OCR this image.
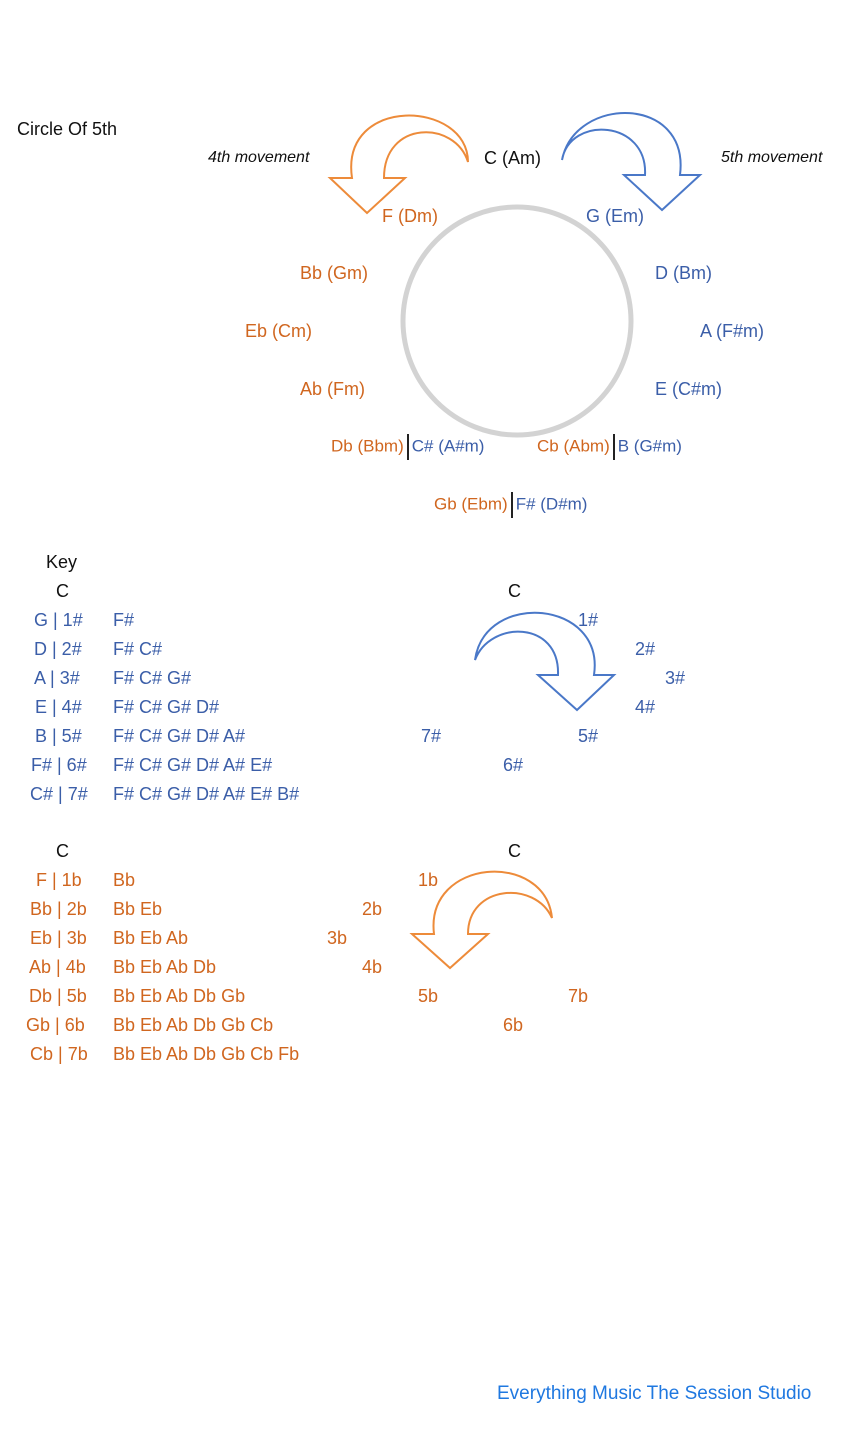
Circle Of 5th
C (Am)
4th movement	5th movement
F (Dm)
Bb (Gm)
Eb (Cm)
Ab (Fm)
G (Em)
D (Bm)
A (F#m)
E (C#m)
Db (Bbm) C# (A#m)	Cb (Abm) B (G#m)
Gb (Ebm) F# (D#m)
Key
C
G | 1# F#
D | 2# F# C#
A | 3# F# C# G#
E | 4# F# C# G# D#
B | 5# F# C# G# D# A#
F# | 6# F# C# G# D# A# E#
C# | 7# F# C# G# D# A# E# B#
C
1#
2#
3#
4#
5#
6#
7#
C
F | 1b Bb
Bb | 2b Bb Eb
Eb | 3b Bb Eb Ab
Ab | 4b Bb Eb Ab Db
Db | 5b Bb Eb Ab Db Gb
Gb | 6b Bb Eb Ab Db Gb Cb
Cb | 7b Bb Eb Ab Db Gb Cb Fb
C
1b
2b
3b
4b
5b
6b
7b
Everything Music The Session Studio
